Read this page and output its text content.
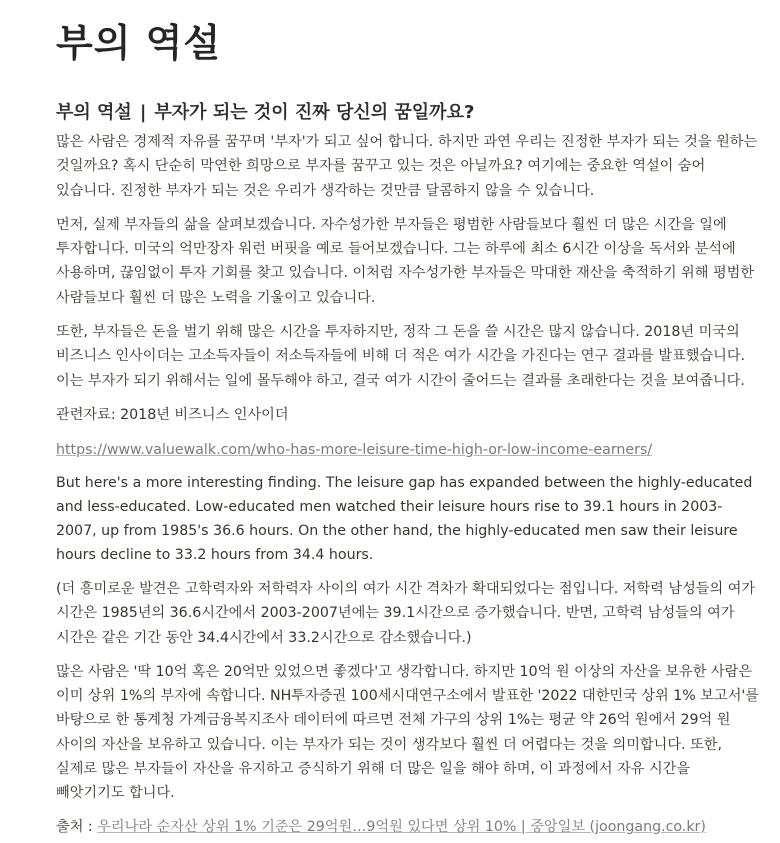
부의 역설
부의 역설 | 부자가 되는 것이 진짜 당신의 꿈일까요?

많은 사람은 경제적 자유를 꿈꾸며 '부자'가 되고 싶어 합니다. 하지만 과연 우리는 진정한 부자가 되는 것을 원하는 것일까요? 혹시 단순히 막연한 희망으로 부자를 꿈꾸고 있는 것은 아닐까요? 여기에는 중요한 역설이 숨어 있습니다. 진정한 부자가 되는 것은 우리가 생각하는 것만큼 달콤하지 않을 수 있습니다.

먼저, 실제 부자들의 삶을 살펴보겠습니다. 자수성가한 부자들은 평범한 사람들보다 훨씬 더 많은 시간을 일에 투자합니다. 미국의 억만장자 워런 버핏을 예로 들어보겠습니다. 그는 하루에 최소 6시간 이상을 독서와 분석에 사용하며, 끊임없이 투자 기회를 찾고 있습니다. 이처럼 자수성가한 부자들은 막대한 재산을 축적하기 위해 평범한 사람들보다 훨씬 더 많은 노력을 기울이고 있습니다.

또한, 부자들은 돈을 벌기 위해 많은 시간을 투자하지만, 정작 그 돈을 쓸 시간은 많지 않습니다. 2018년 미국의 비즈니스 인사이더는 고소득자들이 저소득자들에 비해 더 적은 여가 시간을 가진다는 연구 결과를 발표했습니다. 이는 부자가 되기 위해서는 일에 몰두해야 하고, 결국 여가 시간이 줄어드는 결과를 초래한다는 것을 보여줍니다.

관련자료: 2018년 비즈니스 인사이더

https://www.valuewalk.com/who-has-more-leisure-time-high-or-low-income-earners/

But here's a more interesting finding. The leisure gap has expanded between the highly-educated and less-educated. Low-educated men watched their leisure hours rise to 39.1 hours in 2003-2007, up from 1985's 36.6 hours. On the other hand, the highly-educated men saw their leisure hours decline to 33.2 hours from 34.4 hours.

(더 흥미로운 발견은 고학력자와 저학력자 사이의 여가 시간 격차가 확대되었다는 점입니다. 저학력 남성들의 여가 시간은 1985년의 36.6시간에서 2003-2007년에는 39.1시간으로 증가했습니다. 반면, 고학력 남성들의 여가 시간은 같은 기간 동안 34.4시간에서 33.2시간으로 감소했습니다.)

많은 사람은 '딱 10억 혹은 20억만 있었으면 좋겠다'고 생각합니다. 하지만 10억 원 이상의 자산을 보유한 사람은 이미 상위 1%의 부자에 속합니다. NH투자증권 100세시대연구소에서 발표한 '2022 대한민국 상위 1% 보고서'를 바탕으로 한 통계청 가계금융복지조사 데이터에 따르면 전체 가구의 상위 1%는 평균 약 26억 원에서 29억 원 사이의 자산을 보유하고 있습니다. 이는 부자가 되는 것이 생각보다 훨씬 더 어렵다는 것을 의미합니다. 또한, 실제로 많은 부자들이 자산을 유지하고 증식하기 위해 더 많은 일을 해야 하며, 이 과정에서 자유 시간을 빼앗기기도 합니다.

출처 : 우리나라 순자산 상위 1% 기준은 29억원…9억원 있다면 상위 10% | 중앙일보 (joongang.co.kr)
